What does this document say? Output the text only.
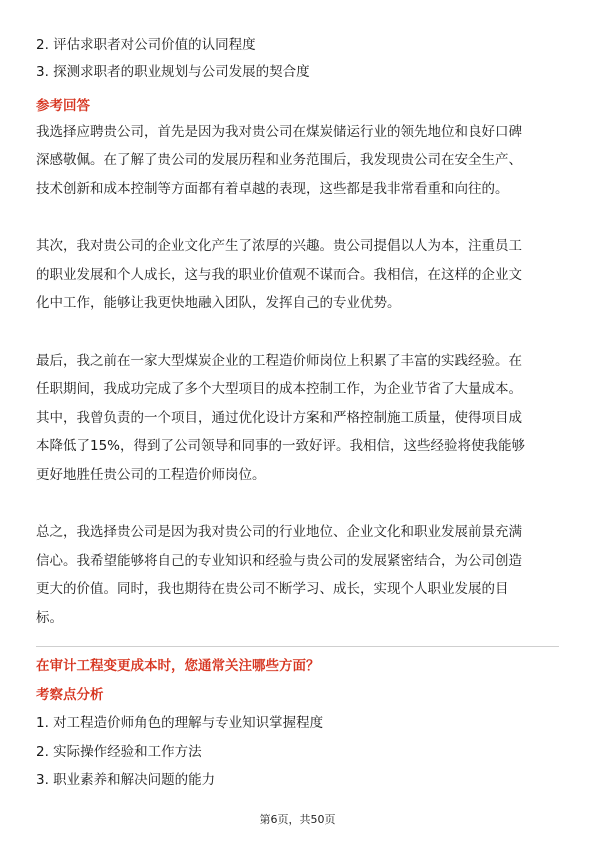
2. 评估求职者对公司价值的认同程度
3. 探测求职者的职业规划与公司发展的契合度
参考回答
我选择应聘贵公司，首先是因为我对贵公司在煤炭储运行业的领先地位和良好口碑
深感敬佩。在了解了贵公司的发展历程和业务范围后，我发现贵公司在安全生产、
技术创新和成本控制等方面都有着卓越的表现，这些都是我非常看重和向往的。
其次，我对贵公司的企业文化产生了浓厚的兴趣。贵公司提倡以人为本，注重员工
的职业发展和个人成长，这与我的职业价值观不谋而合。我相信，在这样的企业文
化中工作，能够让我更快地融入团队，发挥自己的专业优势。
最后，我之前在一家大型煤炭企业的工程造价师岗位上积累了丰富的实践经验。在
任职期间，我成功完成了多个大型项目的成本控制工作，为企业节省了大量成本。
其中，我曾负责的一个项目，通过优化设计方案和严格控制施工质量，使得项目成
本降低了15%，得到了公司领导和同事的一致好评。我相信，这些经验将使我能够
更好地胜任贵公司的工程造价师岗位。
总之，我选择贵公司是因为我对贵公司的行业地位、企业文化和职业发展前景充满
信心。我希望能够将自己的专业知识和经验与贵公司的发展紧密结合，为公司创造
更大的价值。同时，我也期待在贵公司不断学习、成长，实现个人职业发展的目
标。
在审计工程变更成本时，您通常关注哪些方面？
考察点分析
1. 对工程造价师角色的理解与专业知识掌握程度
2. 实际操作经验和工作方法
3. 职业素养和解决问题的能力
第6页，共50页
